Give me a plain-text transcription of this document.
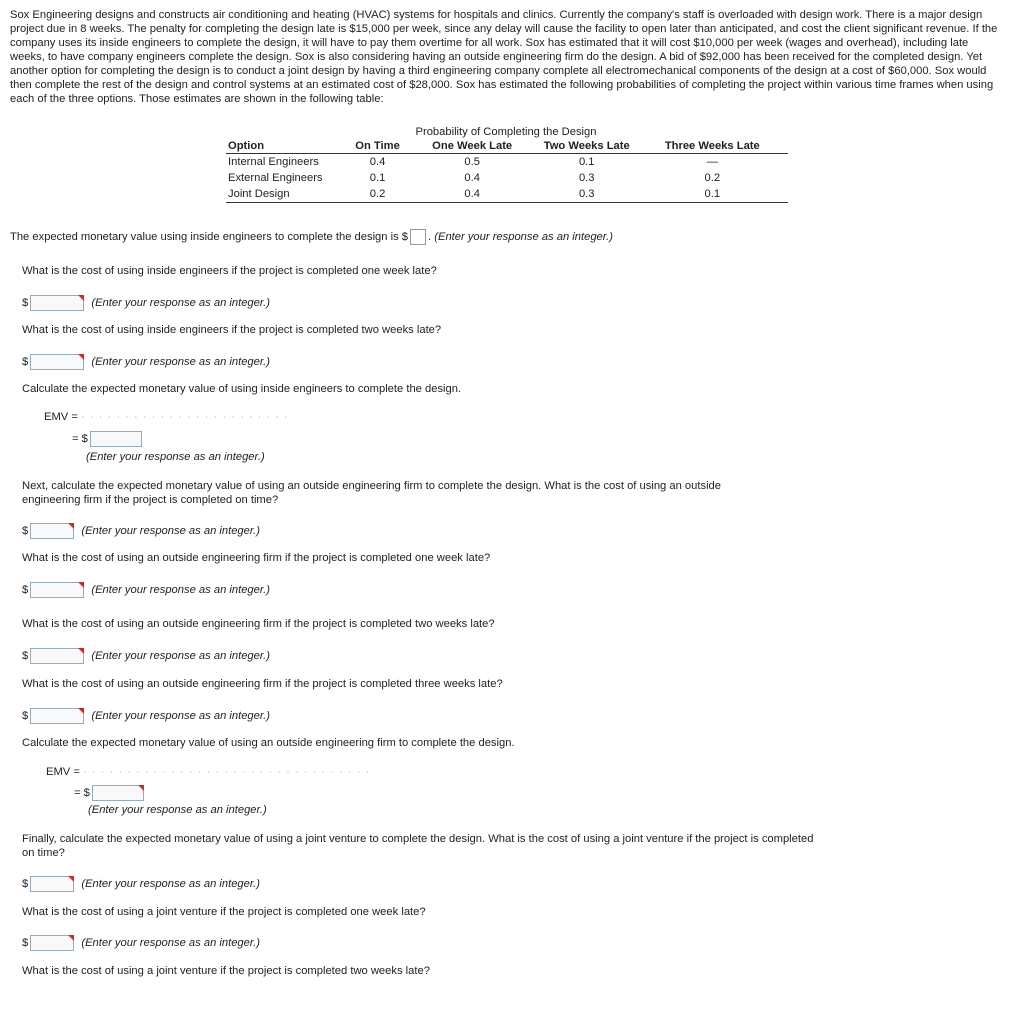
Sox Engineering designs and constructs air conditioning and heating (HVAC) systems for hospitals and clinics. Currently the company's staff is overloaded with design work. There is a major design project due in 8 weeks. The penalty for completing the design late is $15,000 per week, since any delay will cause the facility to open later than anticipated, and cost the client significant revenue. If the company uses its inside engineers to complete the design, it will have to pay them overtime for all work. Sox has estimated that it will cost $10,000 per week (wages and overhead), including late weeks, to have company engineers complete the design. Sox is also considering having an outside engineering firm do the design. A bid of $92,000 has been received for the completed design. Yet another option for completing the design is to conduct a joint design by having a third engineering company complete all electromechanical components of the design at a cost of $60,000. Sox would then complete the rest of the design and control systems at an estimated cost of $28,000. Sox has estimated the following probabilities of completing the project within various time frames when using each of the three options. Those estimates are shown in the following table:
Probability of Completing the Design
Option	On Time	One Week Late	Two Weeks Late	Three Weeks Late
Internal Engineers	0.4	0.5	0.1	—
External Engineers	0.1	0.4	0.3	0.2
Joint Design	0.2	0.4	0.3	0.1
The expected monetary value using inside engineers to complete the design is $ . (Enter your response as an integer.)
What is the cost of using inside engineers if the project is completed one week late?
$	(Enter your response as an integer.)
What is the cost of using inside engineers if the project is completed two weeks late?
$	(Enter your response as an integer.)
Calculate the expected monetary value of using inside engineers to complete the design.
EMV = · · · · · · · · · · · · · · · · · · · · · · · ·
= $
(Enter your response as an integer.)
Next, calculate the expected monetary value of using an outside engineering firm to complete the design. What is the cost of using an outside engineering firm if the project is completed on time?
$	(Enter your response as an integer.)
What is the cost of using an outside engineering firm if the project is completed one week late?
$	(Enter your response as an integer.)
What is the cost of using an outside engineering firm if the project is completed two weeks late?
$	(Enter your response as an integer.)
What is the cost of using an outside engineering firm if the project is completed three weeks late?
$	(Enter your response as an integer.)
Calculate the expected monetary value of using an outside engineering firm to complete the design.
EMV = · · · · · · · · · · · · · · · · · · · · · · · · · · · · · · · · ·
= $
(Enter your response as an integer.)
Finally, calculate the expected monetary value of using a joint venture to complete the design. What is the cost of using a joint venture if the project is completed on time?
$	(Enter your response as an integer.)
What is the cost of using a joint venture if the project is completed one week late?
$	(Enter your response as an integer.)
What is the cost of using a joint venture if the project is completed two weeks late?
